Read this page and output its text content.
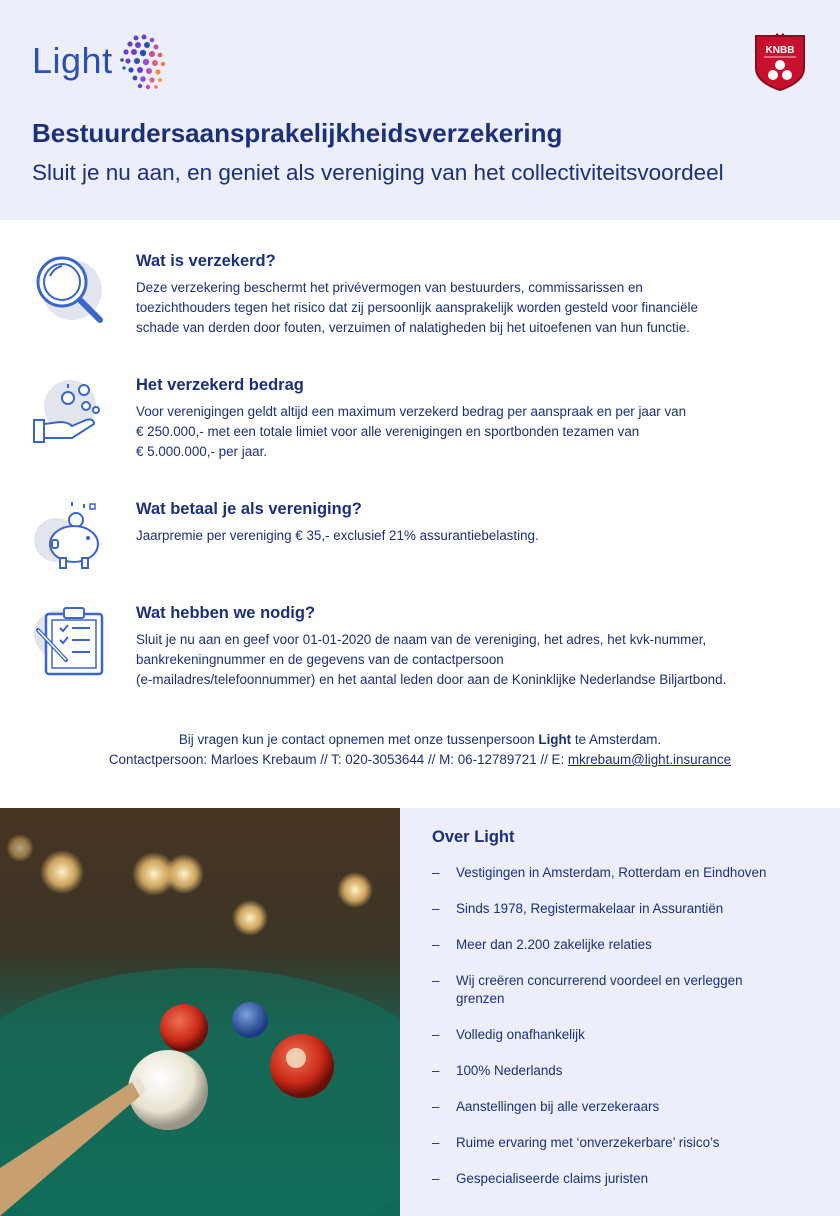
Light	KNBB
Bestuurdersaansprakelijkheidsverzekering
Sluit je nu aan, en geniet als vereniging van het collectiviteitsvoordeel
Wat is verzekerd?

Deze verzekering beschermt het privévermogen van bestuurders, commissarissen en
toezichthouders tegen het risico dat zij persoonlijk aansprakelijk worden gesteld voor financiële
schade van derden door fouten, verzuimen of nalatigheden bij het uitoefenen van hun functie.

Het verzekerd bedrag

Voor verenigingen geldt altijd een maximum verzekerd bedrag per aanspraak en per jaar van
€ 250.000,- met een totale limiet voor alle verenigingen en sportbonden tezamen van
€ 5.000.000,- per jaar.

Wat betaal je als vereniging?

Jaarpremie per vereniging € 35,- exclusief 21% assurantiebelasting.

Wat hebben we nodig?

Sluit je nu aan en geef voor 01-01-2020 de naam van de vereniging, het adres, het kvk-nummer,
bankrekeningnummer en de gegevens van de contactpersoon
(e-mailadres/telefoonnummer) en het aantal leden door aan de Koninklijke Nederlandse Biljartbond.

Bij vragen kun je contact opnemen met onze tussenpersoon Light te Amsterdam.
Contactpersoon: Marloes Krebaum // T: 020-3053644 // M: 06-12789721 // E: mkrebaum@light.insurance
Over Light
– Vestigingen in Amsterdam, Rotterdam en Eindhoven
– Sinds 1978, Registermakelaar in Assurantiën
– Meer dan 2.200 zakelijke relaties
– Wij creëren concurrerend voordeel en verleggen
grenzen
– Volledig onafhankelijk
– 100% Nederlands
– Aanstellingen bij alle verzekeraars
– Ruime ervaring met ‘onverzekerbare’ risico’s
– Gespecialiseerde claims juristen
